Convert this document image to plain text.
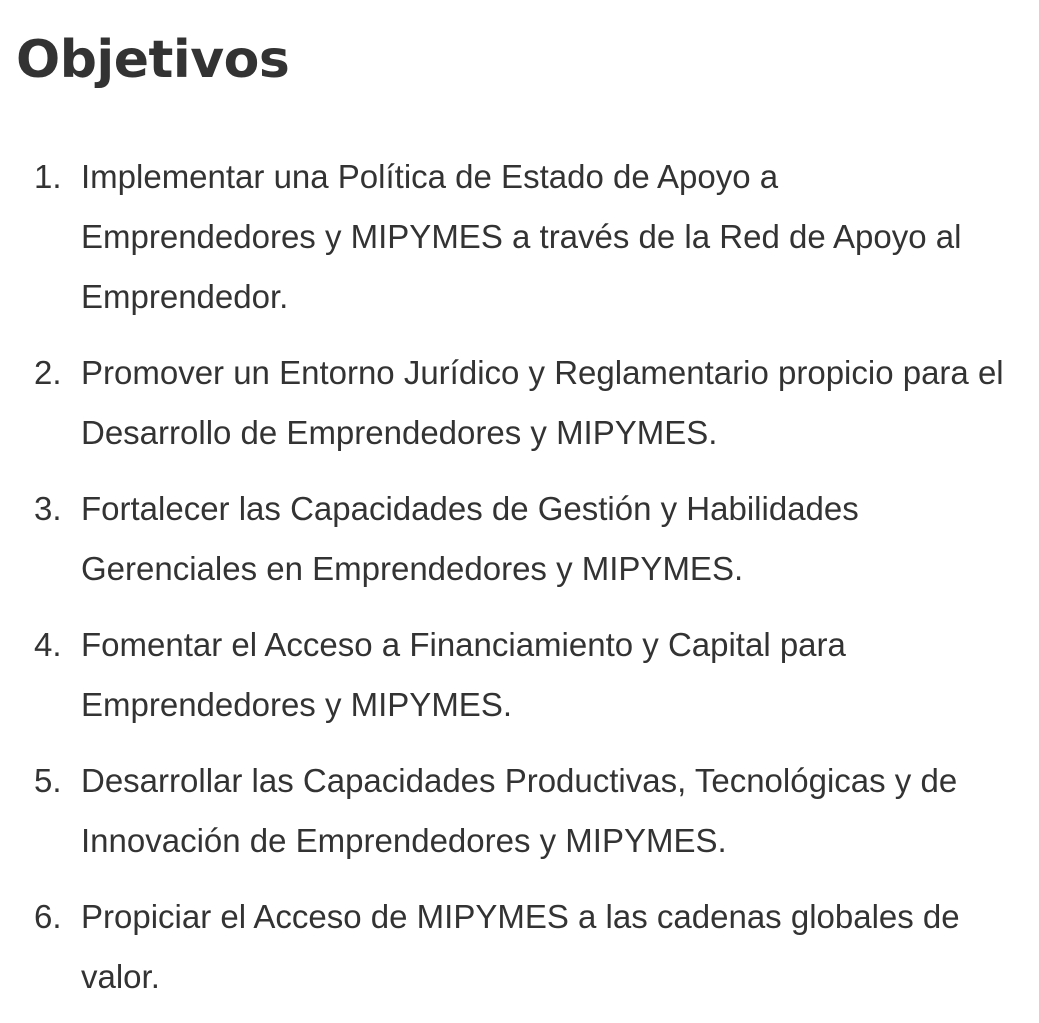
Objetivos
1. Implementar una Política de Estado de Apoyo a Emprendedores y MIPYMES a través de la Red de Apoyo al Emprendedor.
2. Promover un Entorno Jurídico y Reglamentario propicio para el Desarrollo de Emprendedores y MIPYMES.
3. Fortalecer las Capacidades de Gestión y Habilidades Gerenciales en Emprendedores y MIPYMES.
4. Fomentar el Acceso a Financiamiento y Capital para Emprendedores y MIPYMES.
5. Desarrollar las Capacidades Productivas, Tecnológicas y de Innovación de Emprendedores y MIPYMES.
6. Propiciar el Acceso de MIPYMES a las cadenas globales de valor.
